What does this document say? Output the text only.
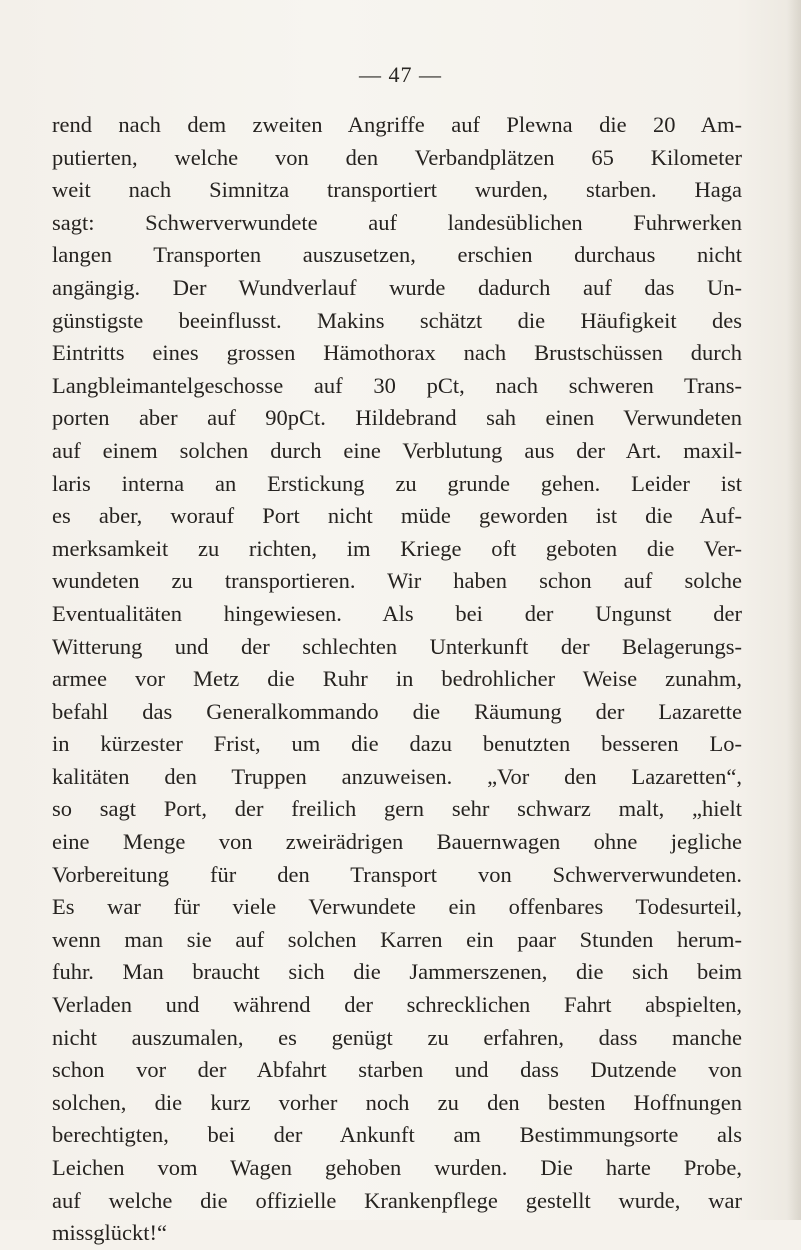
— 47 —
rend nach dem zweiten Angriffe auf Plewna die 20 Am-
putierten, welche von den Verbandplätzen 65 Kilometer
weit nach Simnitza transportiert wurden, starben. Haga
sagt: Schwerverwundete auf landesüblichen Fuhrwerken
langen Transporten auszusetzen, erschien durchaus nicht
angängig. Der Wundverlauf wurde dadurch auf das Un-
günstigste beeinflusst. Makins schätzt die Häufigkeit des
Eintritts eines grossen Hämothorax nach Brustschüssen durch
Langbleimantelgeschosse auf 30 pCt, nach schweren Trans-
porten aber auf 90pCt. Hildebrand sah einen Verwundeten
auf einem solchen durch eine Verblutung aus der Art. maxil-
laris interna an Erstickung zu grunde gehen. Leider ist
es aber, worauf Port nicht müde geworden ist die Auf-
merksamkeit zu richten, im Kriege oft geboten die Ver-
wundeten zu transportieren. Wir haben schon auf solche
Eventualitäten hingewiesen. Als bei der Ungunst der
Witterung und der schlechten Unterkunft der Belagerungs-
armee vor Metz die Ruhr in bedrohlicher Weise zunahm,
befahl das Generalkommando die Räumung der Lazarette
in kürzester Frist, um die dazu benutzten besseren Lo-
kalitäten den Truppen anzuweisen. „Vor den Lazaretten“,
so sagt Port, der freilich gern sehr schwarz malt, „hielt
eine Menge von zweirädrigen Bauernwagen ohne jegliche
Vorbereitung für den Transport von Schwerverwundeten.
Es war für viele Verwundete ein offenbares Todesurteil,
wenn man sie auf solchen Karren ein paar Stunden herum-
fuhr. Man braucht sich die Jammerszenen, die sich beim
Verladen und während der schrecklichen Fahrt abspielten,
nicht auszumalen, es genügt zu erfahren, dass manche
schon vor der Abfahrt starben und dass Dutzende von
solchen, die kurz vorher noch zu den besten Hoffnungen
berechtigten, bei der Ankunft am Bestimmungsorte als
Leichen vom Wagen gehoben wurden. Die harte Probe,
auf welche die offizielle Krankenpflege gestellt wurde, war
missglückt!“
